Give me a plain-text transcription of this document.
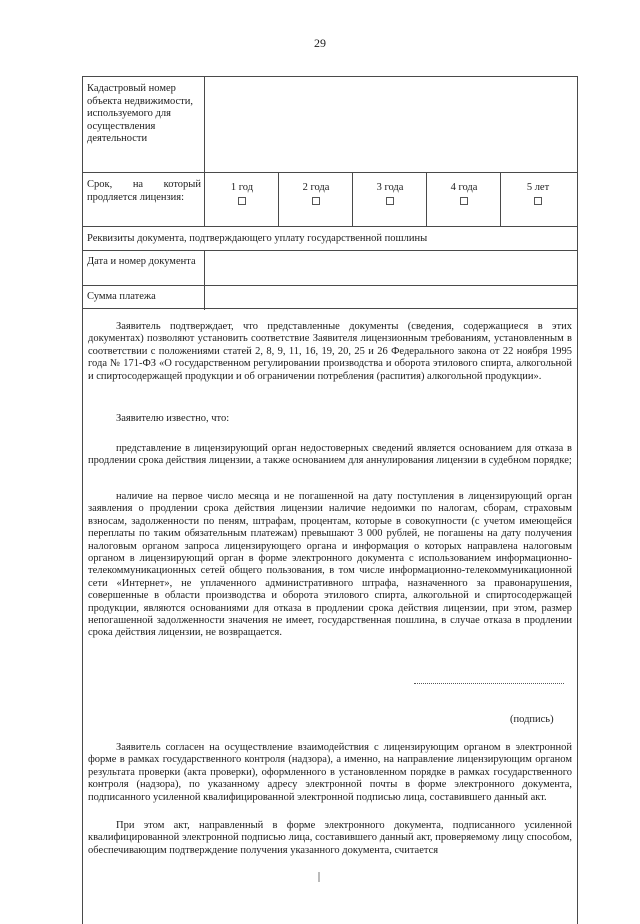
29
Кадастровый номер объекта недвижимости, используемого для осуществления деятельности
Срок, на который продляется лицензия:
1 год	2 года	3 года	4 года	5 лет
Реквизиты документа, подтверждающего уплату государственной пошлины
Дата и номер документа
Сумма платежа

Заявитель подтверждает, что представленные документы (сведения, содержащиеся в этих документах) позволяют установить соответствие Заявителя лицензионным требованиям, установленным в соответствии с положениями статей 2, 8, 9, 11, 16, 19, 20, 25 и 26 Федерального закона от 22 ноября 1995 года № 171-ФЗ «О государственном регулировании производства и оборота этилового спирта, алкогольной и спиртосодержащей продукции и об ограничении потребления (распития) алкогольной продукции».

Заявителю известно, что:

представление в лицензирующий орган недостоверных сведений является основанием для отказа в продлении срока действия лицензии, а также основанием для аннулирования лицензии в судебном порядке;

наличие на первое число месяца и не погашенной на дату поступления в лицензирующий орган заявления о продлении срока действия лицензии наличие недоимки по налогам, сборам, страховым взносам, задолженности по пеням, штрафам, процентам, которые в совокупности (с учетом имеющейся переплаты по таким обязательным платежам) превышают 3 000 рублей, не погашены на дату получения налоговым органом запроса лицензирующего органа и информация о которых направлена налоговым органом в лицензирующий орган в форме электронного документа с использованием информационно-телекоммуникационных сетей общего пользования, в том числе информационно-телекоммуникационной сети «Интернет», не уплаченного административного штрафа, назначенного за правонарушения, совершенные в области производства и оборота этилового спирта, алкогольной и спиртосодержащей продукции, являются основаниями для отказа в продлении срока действия лицензии, при этом, размер непогашенной задолженности значения не имеет, государственная пошлина, в случае отказа в продлении срока действия лицензии, не возвращается.

(подпись)

Заявитель согласен на осуществление взаимодействия с лицензирующим органом в электронной форме в рамках государственного контроля (надзора), а именно, на направление лицензирующим органом результата проверки (акта проверки), оформленного в установленном порядке в рамках государственного контроля (надзора), по указанному адресу электронной почты в форме электронного документа, подписанного усиленной квалифицированной электронной подписью лица, составившего данный акт.

При этом акт, направленный в форме электронного документа, подписанного усиленной квалифицированной электронной подписью лица, составившего данный акт, проверяемому лицу способом, обеспечивающим подтверждение получения указанного документа, считается
